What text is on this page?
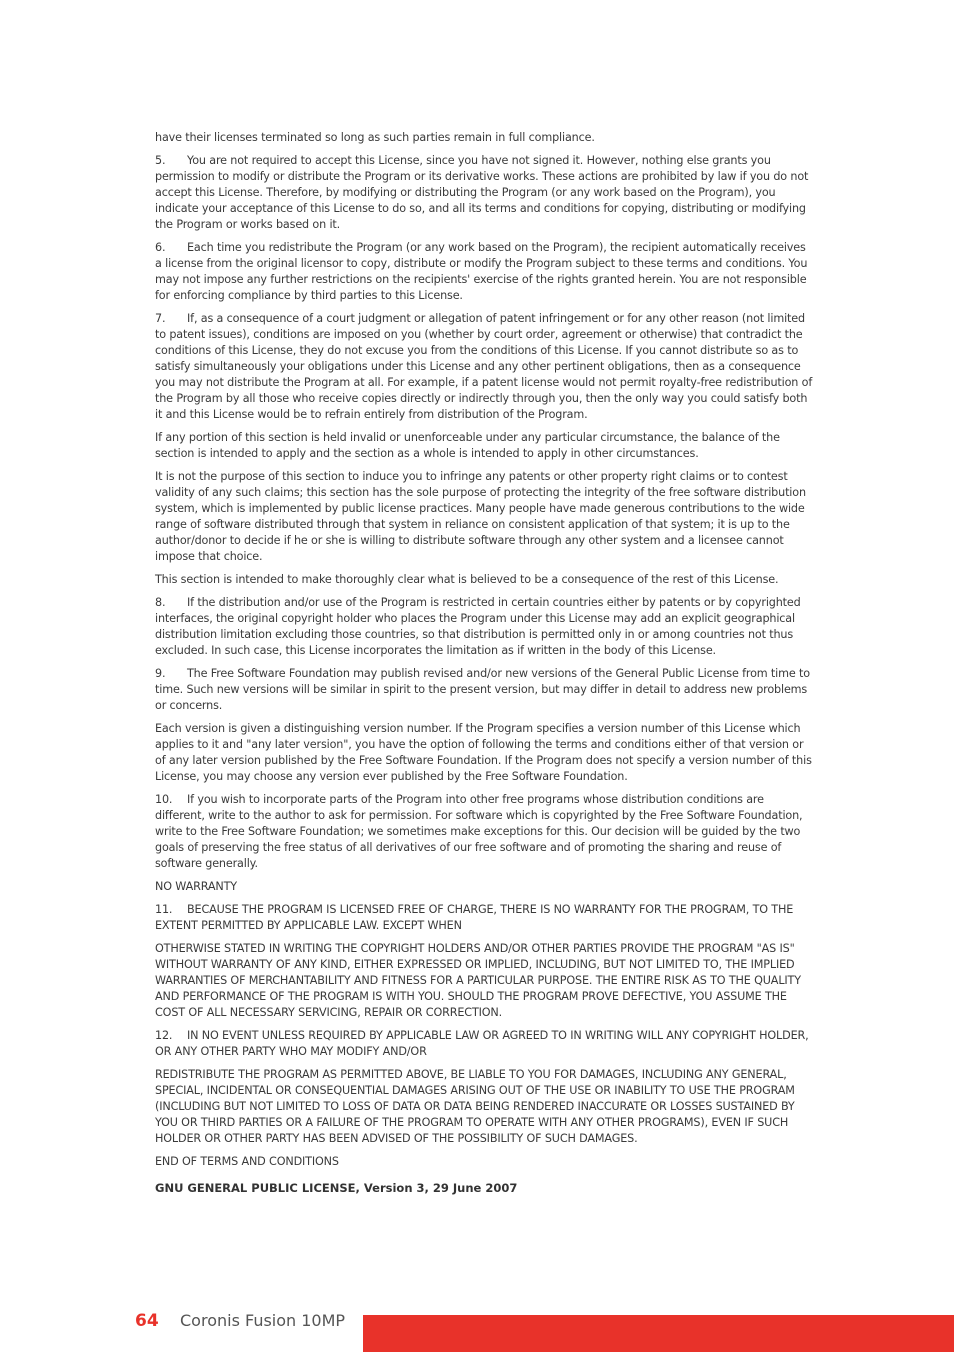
have their licenses terminated so long as such parties remain in full compliance.

5. You are not required to accept this License, since you have not signed it. However, nothing else grants you permission to modify or distribute the Program or its derivative works. These actions are prohibited by law if you do not accept this License. Therefore, by modifying or distributing the Program (or any work based on the Program), you indicate your acceptance of this License to do so, and all its terms and conditions for copying, distributing or modifying the Program or works based on it.

6. Each time you redistribute the Program (or any work based on the Program), the recipient automatically receives a license from the original licensor to copy, distribute or modify the Program subject to these terms and conditions. You may not impose any further restrictions on the recipients' exercise of the rights granted herein. You are not responsible for enforcing compliance by third parties to this License.

7. If, as a consequence of a court judgment or allegation of patent infringement or for any other reason (not limited to patent issues), conditions are imposed on you (whether by court order, agreement or otherwise) that contradict the conditions of this License, they do not excuse you from the conditions of this License. If you cannot distribute so as to satisfy simultaneously your obligations under this License and any other pertinent obligations, then as a consequence you may not distribute the Program at all. For example, if a patent license would not permit royalty-free redistribution of the Program by all those who receive copies directly or indirectly through you, then the only way you could satisfy both it and this License would be to refrain entirely from distribution of the Program.

If any portion of this section is held invalid or unenforceable under any particular circumstance, the balance of the section is intended to apply and the section as a whole is intended to apply in other circumstances.

It is not the purpose of this section to induce you to infringe any patents or other property right claims or to contest validity of any such claims; this section has the sole purpose of protecting the integrity of the free software distribution system, which is implemented by public license practices. Many people have made generous contributions to the wide range of software distributed through that system in reliance on consistent application of that system; it is up to the author/donor to decide if he or she is willing to distribute software through any other system and a licensee cannot impose that choice.

This section is intended to make thoroughly clear what is believed to be a consequence of the rest of this License.

8. If the distribution and/or use of the Program is restricted in certain countries either by patents or by copyrighted interfaces, the original copyright holder who places the Program under this License may add an explicit geographical distribution limitation excluding those countries, so that distribution is permitted only in or among countries not thus excluded. In such case, this License incorporates the limitation as if written in the body of this License.

9. The Free Software Foundation may publish revised and/or new versions of the General Public License from time to time. Such new versions will be similar in spirit to the present version, but may differ in detail to address new problems or concerns.

Each version is given a distinguishing version number. If the Program specifies a version number of this License which applies to it and "any later version", you have the option of following the terms and conditions either of that version or of any later version published by the Free Software Foundation. If the Program does not specify a version number of this License, you may choose any version ever published by the Free Software Foundation.

10. If you wish to incorporate parts of the Program into other free programs whose distribution conditions are different, write to the author to ask for permission. For software which is copyrighted by the Free Software Foundation, write to the Free Software Foundation; we sometimes make exceptions for this. Our decision will be guided by the two goals of preserving the free status of all derivatives of our free software and of promoting the sharing and reuse of software generally.

NO WARRANTY

11. BECAUSE THE PROGRAM IS LICENSED FREE OF CHARGE, THERE IS NO WARRANTY FOR THE PROGRAM, TO THE EXTENT PERMITTED BY APPLICABLE LAW. EXCEPT WHEN

OTHERWISE STATED IN WRITING THE COPYRIGHT HOLDERS AND/OR OTHER PARTIES PROVIDE THE PROGRAM "AS IS" WITHOUT WARRANTY OF ANY KIND, EITHER EXPRESSED OR IMPLIED, INCLUDING, BUT NOT LIMITED TO, THE IMPLIED WARRANTIES OF MERCHANTABILITY AND FITNESS FOR A PARTICULAR PURPOSE. THE ENTIRE RISK AS TO THE QUALITY AND PERFORMANCE OF THE PROGRAM IS WITH YOU. SHOULD THE PROGRAM PROVE DEFECTIVE, YOU ASSUME THE COST OF ALL NECESSARY SERVICING, REPAIR OR CORRECTION.

12. IN NO EVENT UNLESS REQUIRED BY APPLICABLE LAW OR AGREED TO IN WRITING WILL ANY COPYRIGHT HOLDER, OR ANY OTHER PARTY WHO MAY MODIFY AND/OR

REDISTRIBUTE THE PROGRAM AS PERMITTED ABOVE, BE LIABLE TO YOU FOR DAMAGES, INCLUDING ANY GENERAL, SPECIAL, INCIDENTAL OR CONSEQUENTIAL DAMAGES ARISING OUT OF THE USE OR INABILITY TO USE THE PROGRAM (INCLUDING BUT NOT LIMITED TO LOSS OF DATA OR DATA BEING RENDERED INACCURATE OR LOSSES SUSTAINED BY YOU OR THIRD PARTIES OR A FAILURE OF THE PROGRAM TO OPERATE WITH ANY OTHER PROGRAMS), EVEN IF SUCH HOLDER OR OTHER PARTY HAS BEEN ADVISED OF THE POSSIBILITY OF SUCH DAMAGES.

END OF TERMS AND CONDITIONS

GNU GENERAL PUBLIC LICENSE, Version 3, 29 June 2007
64 Coronis Fusion 10MP
